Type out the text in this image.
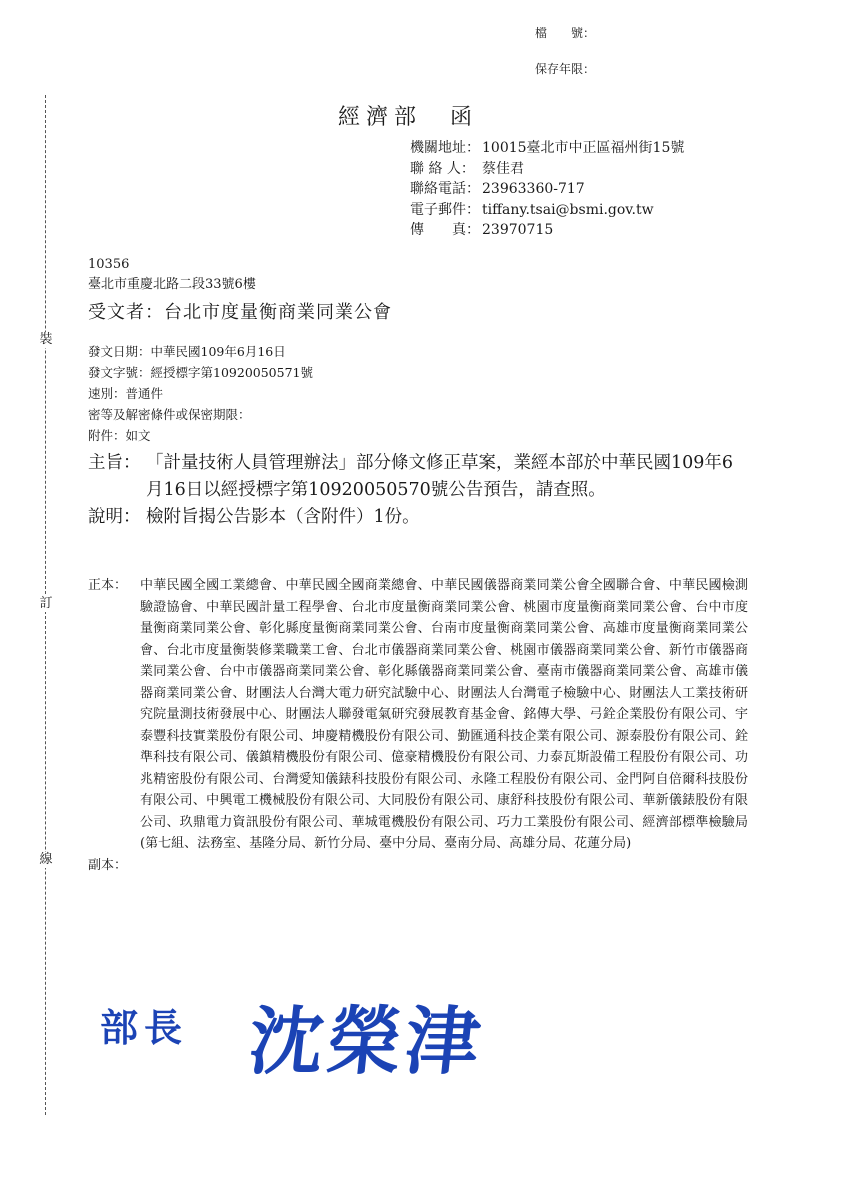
裝
訂
線
檔　　號：
保存年限：
經濟部　函
機關地址： 10015臺北市中正區福州街15號
聯 絡 人： 蔡佳君
聯絡電話： 23963360-717
電子郵件： tiffany.tsai@bsmi.gov.tw
傳　　真： 23970715
10356
臺北市重慶北路二段33號6樓
受文者：台北市度量衡商業同業公會
發文日期：中華民國109年6月16日
發文字號：經授標字第10920050571號
速別：普通件
密等及解密條件或保密期限：
附件：如文
主旨： 「計量技術人員管理辦法」部分條文修正草案，業經本部於中華民國109年6月16日以經授標字第10920050570號公告預告，請查照。
說明： 檢附旨揭公告影本（含附件）1份。
正本： 中華民國全國工業總會、中華民國全國商業總會、中華民國儀器商業同業公會全國聯合會、中華民國檢測驗證協會、中華民國計量工程學會、台北市度量衡商業同業公會、桃園市度量衡商業同業公會、台中市度量衡商業同業公會、彰化縣度量衡商業同業公會、台南市度量衡商業同業公會、高雄市度量衡商業同業公會、台北市度量衡裝修業職業工會、台北市儀器商業同業公會、桃園市儀器商業同業公會、新竹市儀器商業同業公會、台中市儀器商業同業公會、彰化縣儀器商業同業公會、臺南市儀器商業同業公會、高雄市儀器商業同業公會、財團法人台灣大電力研究試驗中心、財團法人台灣電子檢驗中心、財團法人工業技術研究院量測技術發展中心、財團法人聯發電氣研究發展教育基金會、銘傳大學、弓銓企業股份有限公司、宇泰豐科技實業股份有限公司、坤慶精機股份有限公司、勤匯通科技企業有限公司、源泰股份有限公司、銓準科技有限公司、儀鎮精機股份有限公司、億豪精機股份有限公司、力泰瓦斯設備工程股份有限公司、功兆精密股份有限公司、台灣愛知儀錶科技股份有限公司、永隆工程股份有限公司、金門阿自倍爾科技股份有限公司、中興電工機械股份有限公司、大同股份有限公司、康舒科技股份有限公司、華新儀錶股份有限公司、玖鼎電力資訊股份有限公司、華城電機股份有限公司、巧力工業股份有限公司、經濟部標準檢驗局(第七組、法務室、基隆分局、新竹分局、臺中分局、臺南分局、高雄分局、花蓮分局)
副本：
部長 沈榮津
